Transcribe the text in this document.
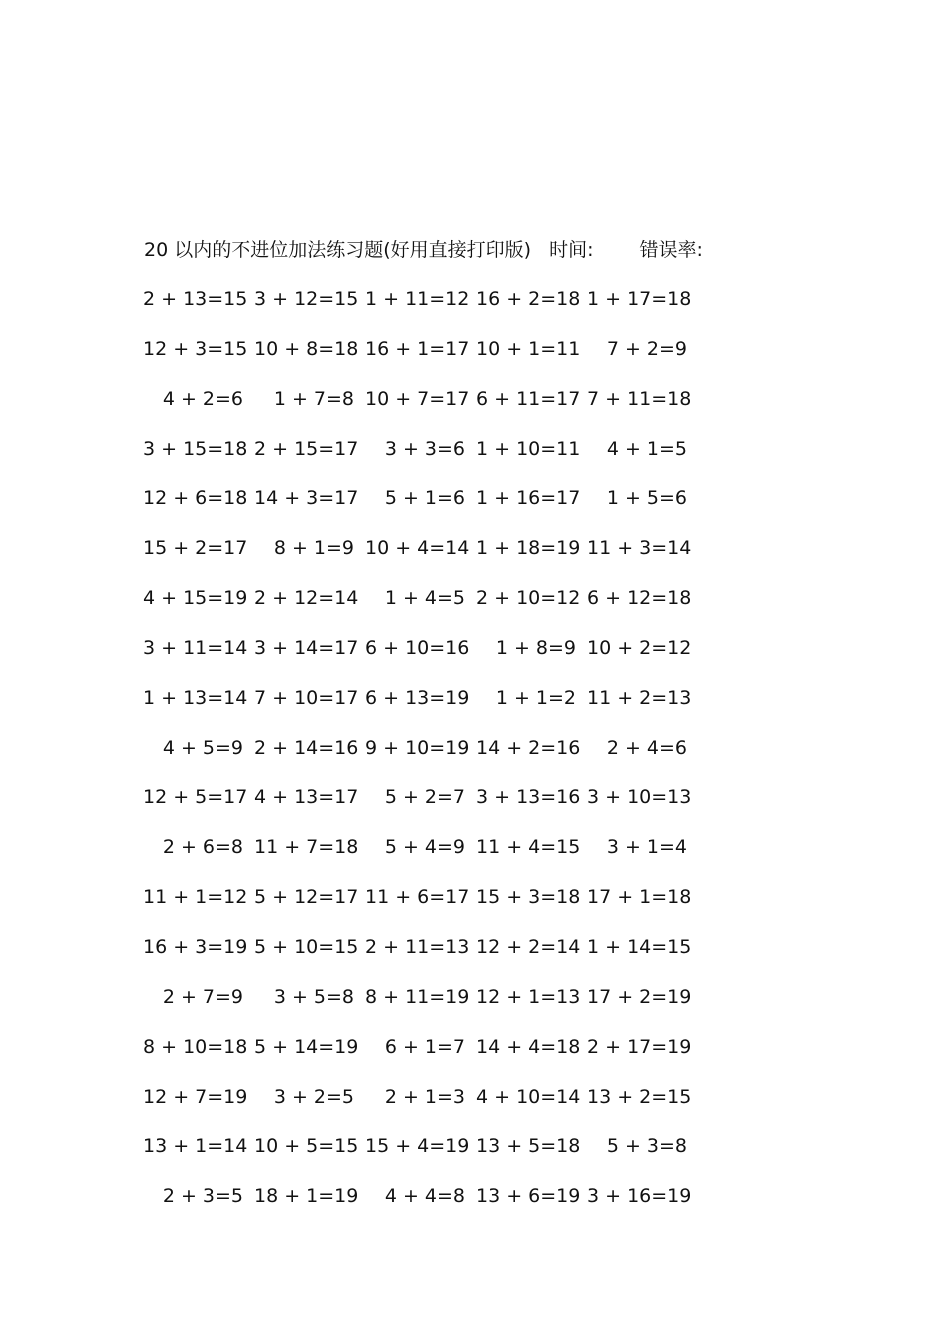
20 以内的不进位加法练习题(好用直接打印版) 时间: 错误率:
2 + 13=15 3 + 12=15 1 + 11=12 16 + 2=18 1 + 17=18
12 + 3=15 10 + 8=18 16 + 1=17 10 + 1=11	7 + 2=9
4 + 2=6	1 + 7=8 10 + 7=17 6 + 11=17 7 + 11=18
3 + 15=18 2 + 15=17	3 + 3=6 1 + 10=11	4 + 1=5
12 + 6=18 14 + 3=17	5 + 1=6 1 + 16=17	1 + 5=6
15 + 2=17	8 + 1=9 10 + 4=14 1 + 18=19 11 + 3=14
4 + 15=19 2 + 12=14	1 + 4=5 2 + 10=12 6 + 12=18
3 + 11=14 3 + 14=17 6 + 10=16	1 + 8=9 10 + 2=12
1 + 13=14 7 + 10=17 6 + 13=19	1 + 1=2 11 + 2=13
4 + 5=9 2 + 14=16 9 + 10=19 14 + 2=16	2 + 4=6
12 + 5=17 4 + 13=17	5 + 2=7 3 + 13=16 3 + 10=13
2 + 6=8 11 + 7=18	5 + 4=9 11 + 4=15	3 + 1=4
11 + 1=12 5 + 12=17 11 + 6=17 15 + 3=18 17 + 1=18
16 + 3=19 5 + 10=15 2 + 11=13 12 + 2=14 1 + 14=15
2 + 7=9	3 + 5=8 8 + 11=19 12 + 1=13 17 + 2=19
8 + 10=18 5 + 14=19	6 + 1=7 14 + 4=18 2 + 17=19
12 + 7=19	3 + 2=5	2 + 1=3 4 + 10=14 13 + 2=15
13 + 1=14 10 + 5=15 15 + 4=19 13 + 5=18	5 + 3=8
2 + 3=5 18 + 1=19	4 + 4=8 13 + 6=19 3 + 16=19
